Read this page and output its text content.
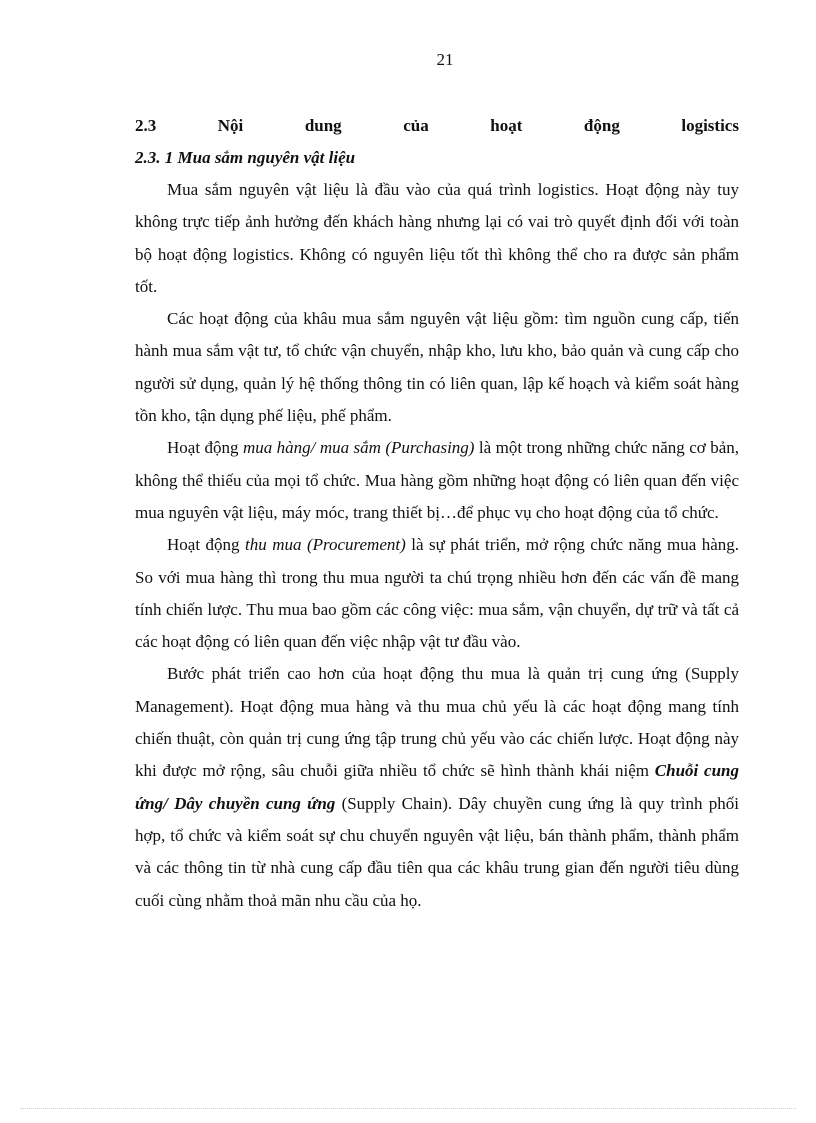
21
2.3	Nội	dung	của	hoạt	động	logistics
2.3. 1 Mua sắm nguyên vật liệu

Mua sắm nguyên vật liệu là đầu vào của quá trình logistics. Hoạt động này tuy không trực tiếp ảnh hưởng đến khách hàng nhưng lại có vai trò quyết định đối với toàn bộ hoạt động logistics. Không có nguyên liệu tốt thì không thể cho ra được sản phẩm tốt.

Các hoạt động của khâu mua sắm nguyên vật liệu gồm: tìm nguồn cung cấp, tiến hành mua sắm vật tư, tổ chức vận chuyển, nhập kho, lưu kho, bảo quản và cung cấp cho người sử dụng, quản lý hệ thống thông tin có liên quan, lập kế hoạch và kiểm soát hàng tồn kho, tận dụng phế liệu, phế phẩm.

Hoạt động mua hàng/ mua sắm (Purchasing) là một trong những chức năng cơ bản, không thể thiếu của mọi tổ chức. Mua hàng gồm những hoạt động có liên quan đến việc mua nguyên vật liệu, máy móc, trang thiết bị…để phục vụ cho hoạt động của tổ chức.

Hoạt động thu mua (Procurement) là sự phát triển, mở rộng chức năng mua hàng. So với mua hàng thì trong thu mua người ta chú trọng nhiều hơn đến các vấn đề mang tính chiến lược. Thu mua bao gồm các công việc: mua sắm, vận chuyển, dự trữ và tất cả các hoạt động có liên quan đến việc nhập vật tư đầu vào.

Bước phát triển cao hơn của hoạt động thu mua là quản trị cung ứng (Supply Management). Hoạt động mua hàng và thu mua chủ yếu là các hoạt động mang tính chiến thuật, còn quản trị cung ứng tập trung chủ yếu vào các chiến lược. Hoạt động này khi được mở rộng, sâu chuỗi giữa nhiều tổ chức sẽ hình thành khái niệm Chuỗi cung ứng/ Dây chuyền cung ứng (Supply Chain). Dây chuyền cung ứng là quy trình phối hợp, tổ chức và kiểm soát sự chu chuyển nguyên vật liệu, bán thành phẩm, thành phẩm và các thông tin từ nhà cung cấp đầu tiên qua các khâu trung gian đến người tiêu dùng cuối cùng nhằm thoả mãn nhu cầu của họ.
